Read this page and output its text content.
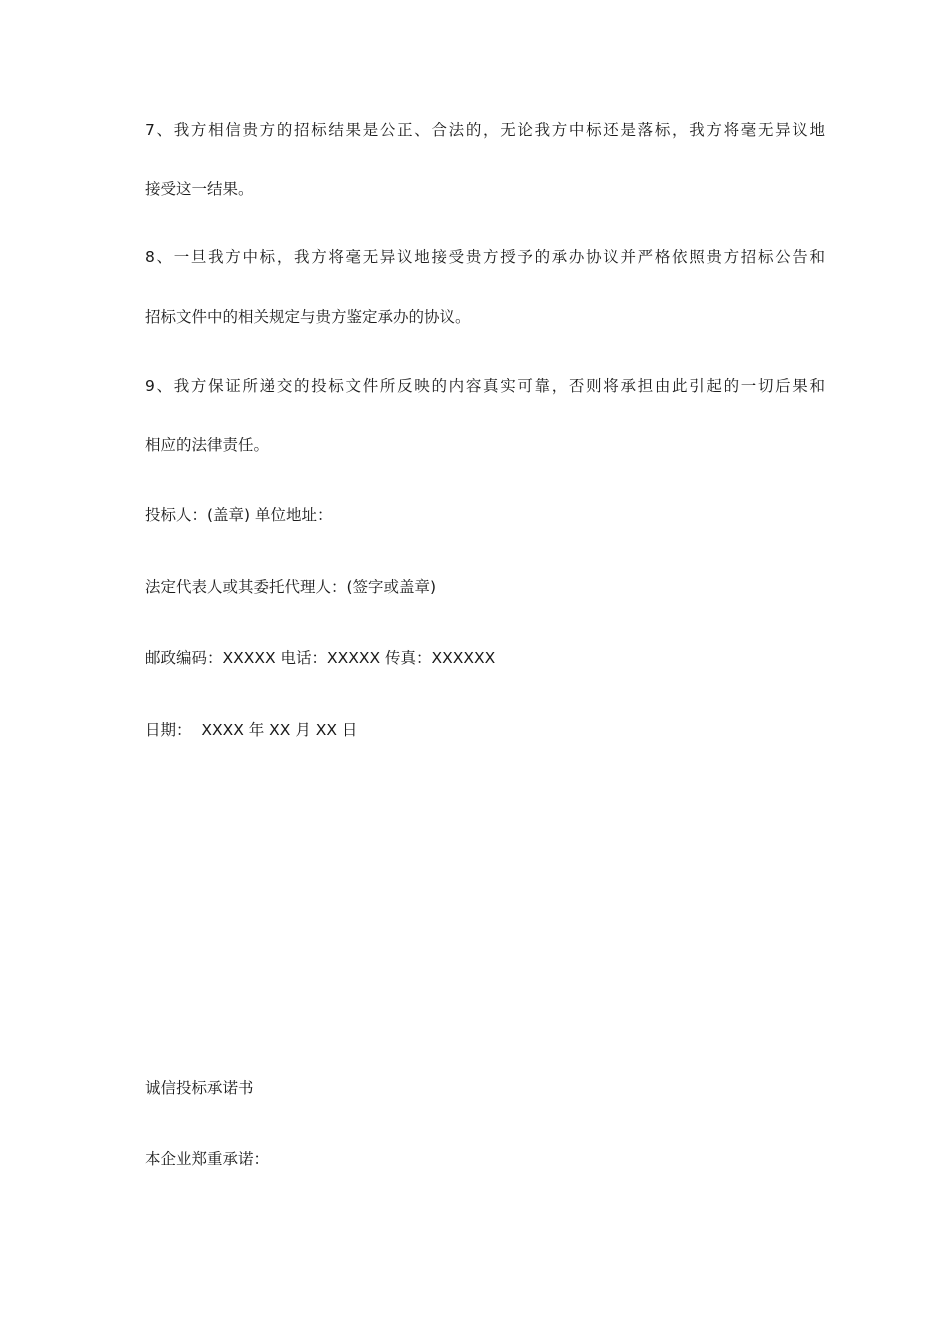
7、我方相信贵方的招标结果是公正、合法的，无论我方中标还是落标，我方将毫无异议地
接受这一结果。
8、一旦我方中标，我方将毫无异议地接受贵方授予的承办协议并严格依照贵方招标公告和
招标文件中的相关规定与贵方鉴定承办的协议。
9、我方保证所递交的投标文件所反映的内容真实可靠，否则将承担由此引起的一切后果和
相应的法律责任。
投标人：(盖章) 单位地址：
法定代表人或其委托代理人：(签字或盖章)
邮政编码：XXXXX 电话：XXXXX 传真：XXXXXX
日期：  XXXX 年 XX 月 XX 日
诚信投标承诺书
本企业郑重承诺：
